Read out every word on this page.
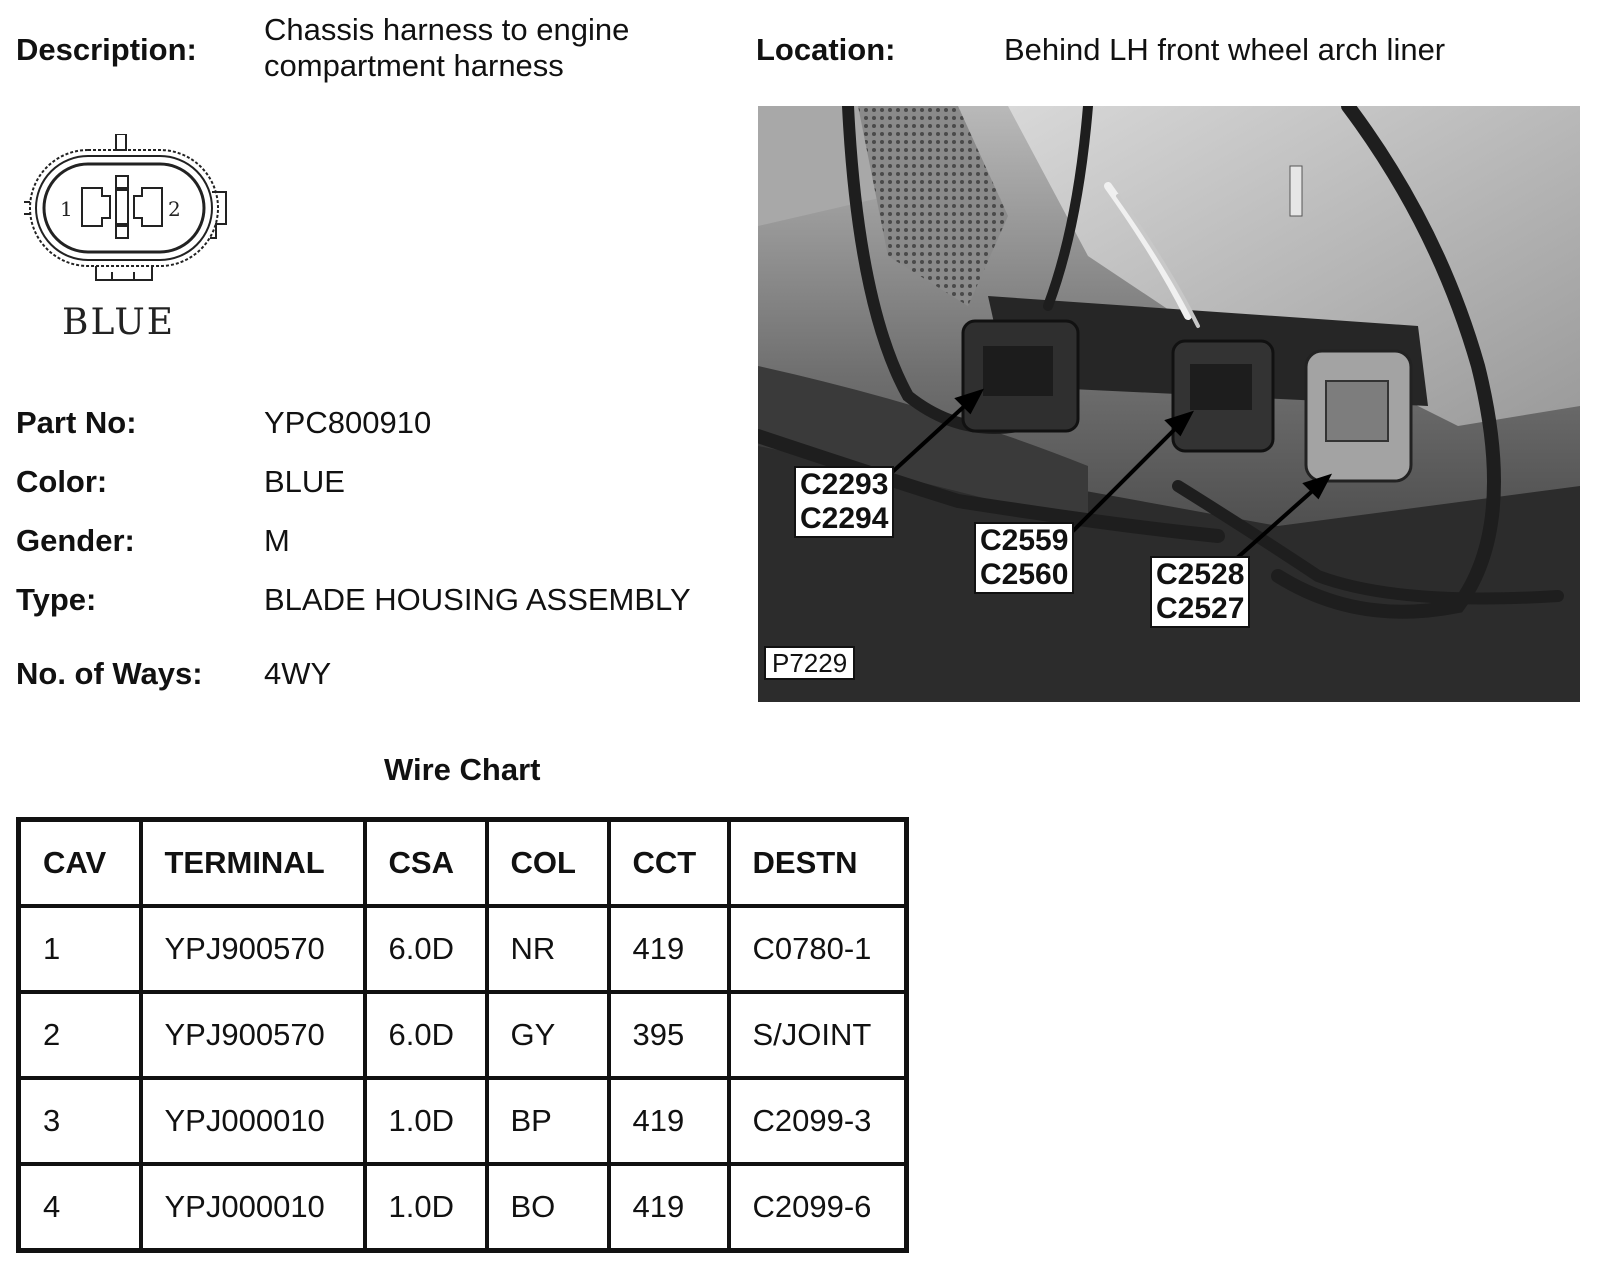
Description:
Chassis harness to engine
compartment harness	Location:	Behind LH front wheel arch liner
1	2
BLUE
Part No:	YPC800910
Color:	BLUE
Gender:	M
Type:	BLADE HOUSING ASSEMBLY
No. of Ways: 4WY
C2293
C2294
C2559
C2560	C2528
C2527
P7229
Wire Chart
CAV	TERMINAL	CSA	COL	CCT	DESTN
1	YPJ900570	6.0D	NR	419	C0780-1
2	YPJ900570	6.0D	GY	395	S/JOINT
3	YPJ000010	1.0D	BP	419	C2099-3
4	YPJ000010	1.0D	BO	419	C2099-6
